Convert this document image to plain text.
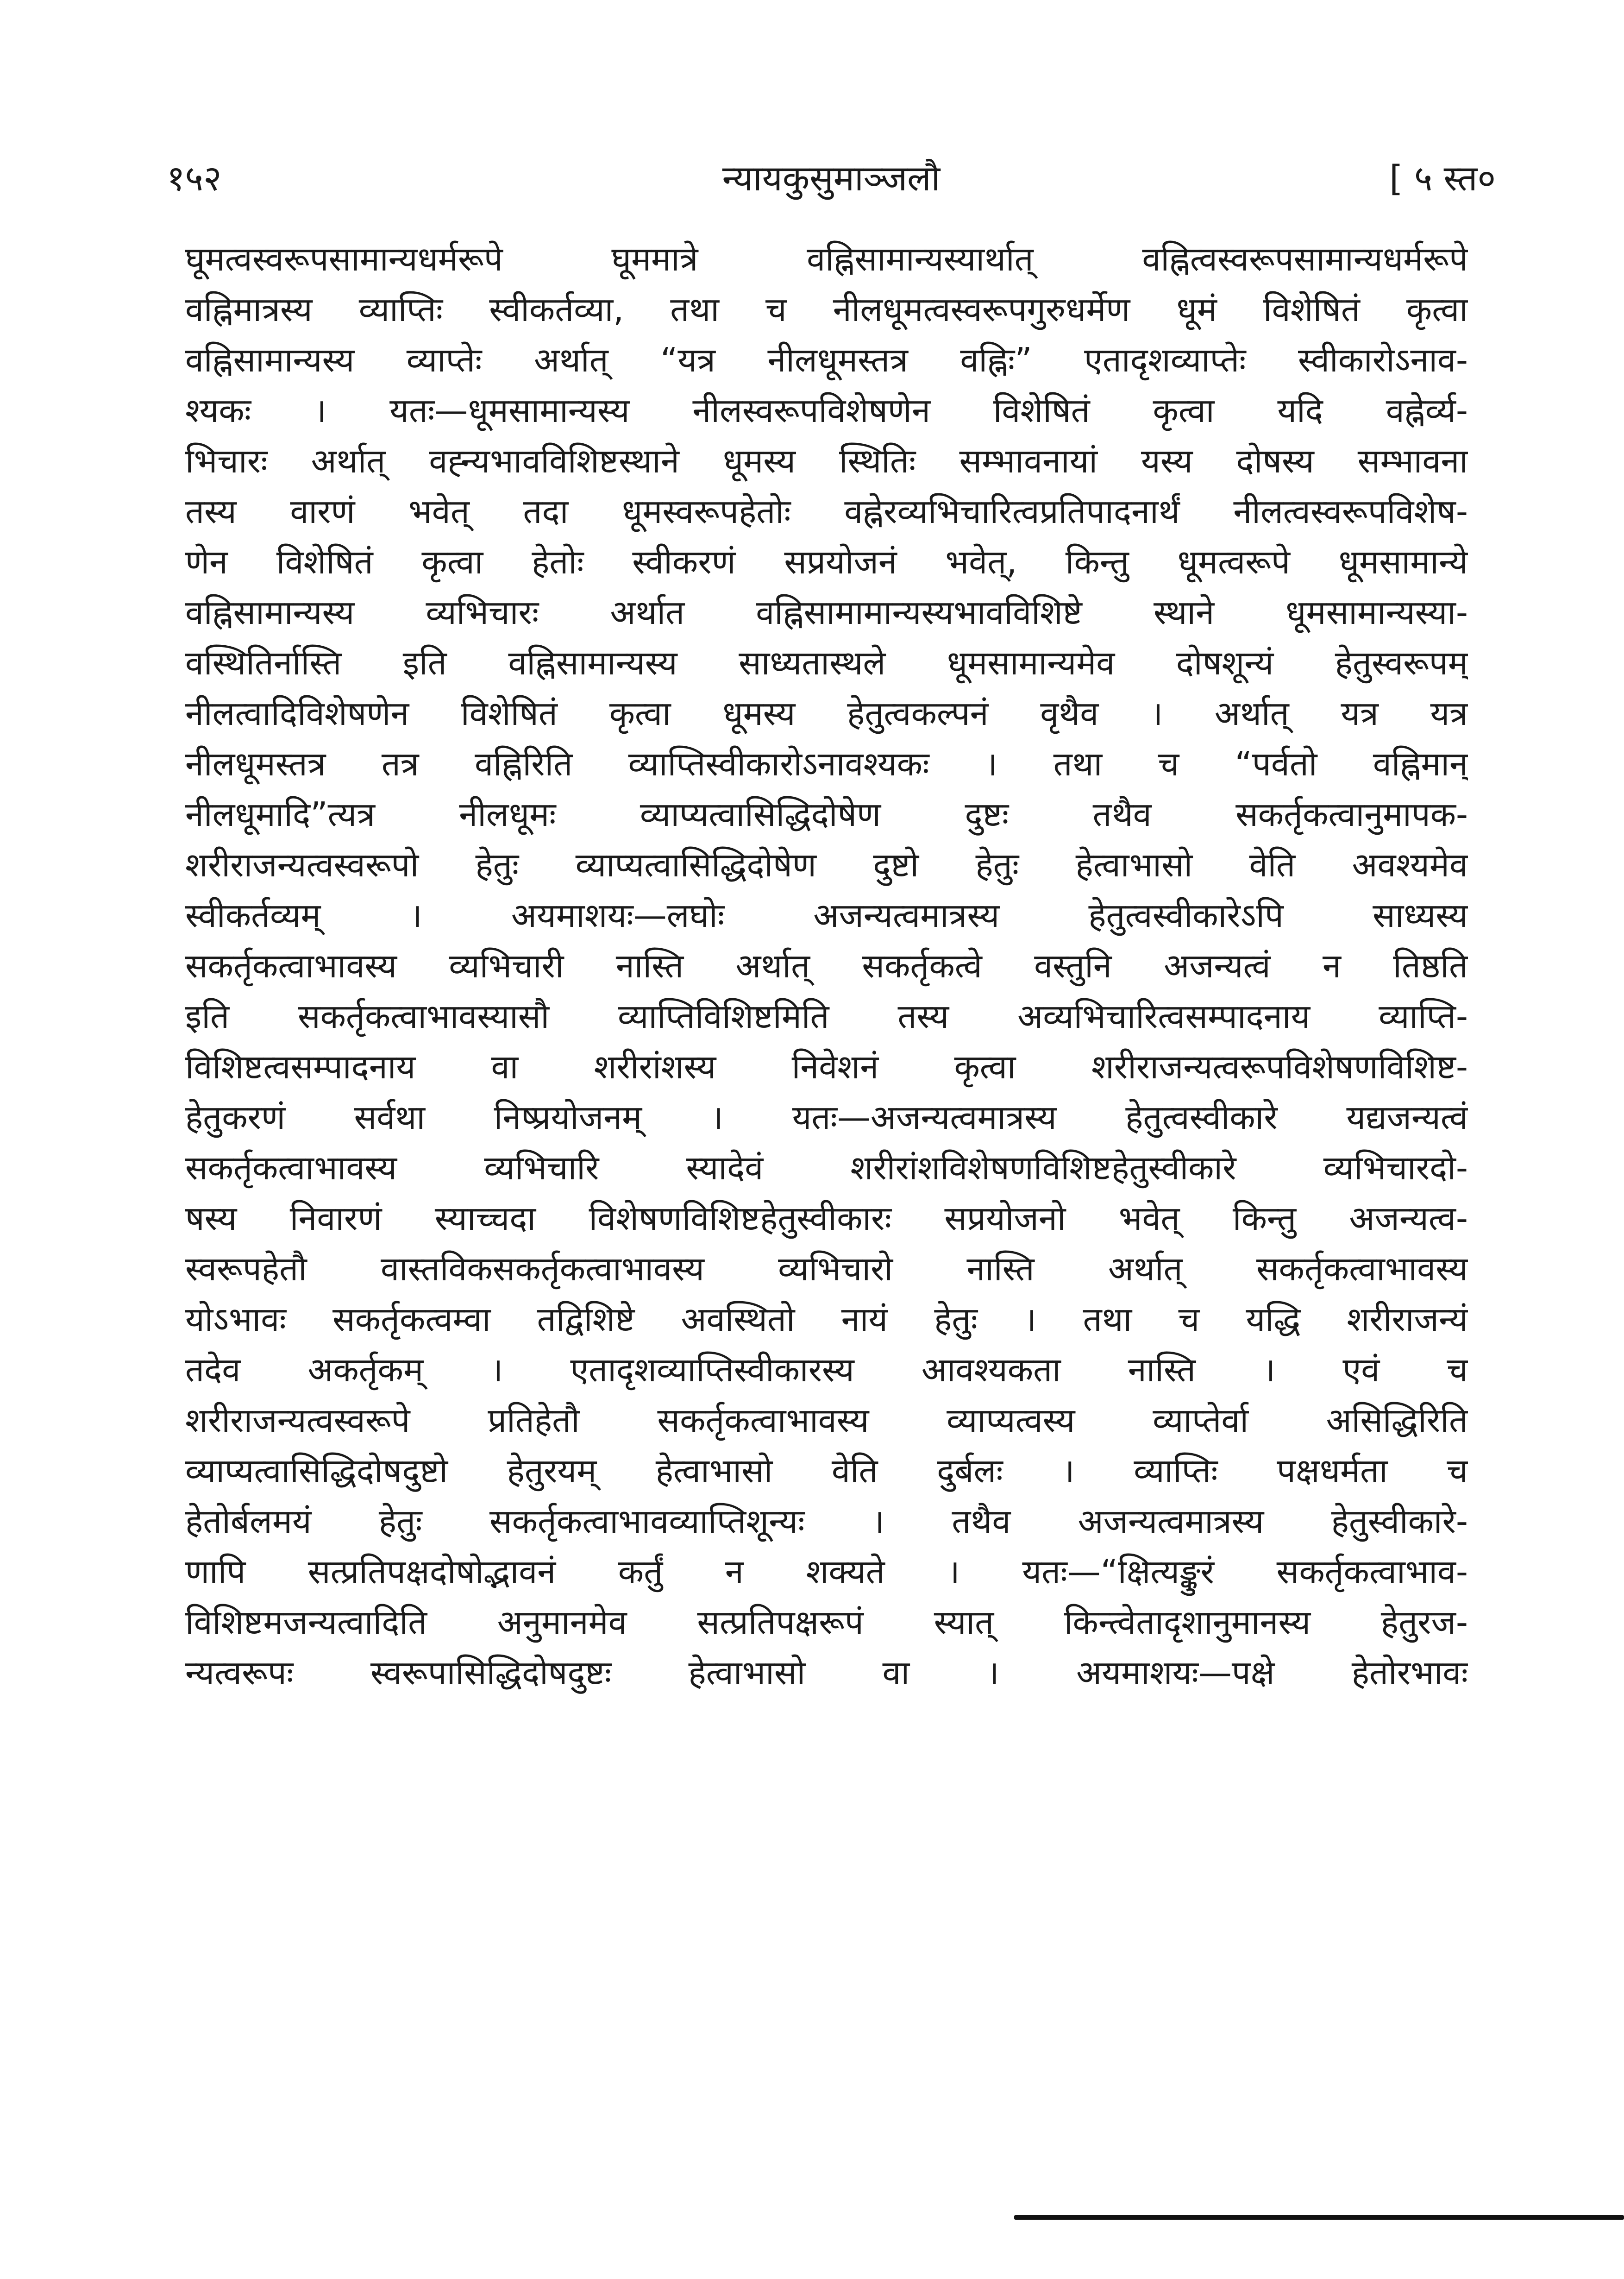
१५२	न्यायकुसुमाञ्जलौ	[ ५ स्त०
घूमत्वस्वरूपसामान्यधर्मरूपे घूममात्रे वह्निसामान्यस्यार्थात् वह्नित्वस्वरूपसामान्यधर्मरूपे
वह्निमात्रस्य व्याप्तिः स्वीकर्तव्या, तथा च नीलधूमत्वस्वरूपगुरुधर्मेण धूमं विशेषितं कृत्वा
वह्निसामान्यस्य व्याप्तेः अर्थात् “यत्र नीलधूमस्तत्र वह्निः” एतादृशव्याप्तेः स्वीकारोऽनाव-
श्यकः । यतः—धूमसामान्यस्य नीलस्वरूपविशेषणेन विशेषितं कृत्वा यदि वह्नेर्व्य-
भिचारः अर्थात् वह्न्यभावविशिष्टस्थाने धूमस्य स्थितिः सम्भावनायां यस्य दोषस्य सम्भावना
तस्य वारणं भवेत् तदा धूमस्वरूपहेतोः वह्नेरव्यभिचारित्वप्रतिपादनार्थं नीलत्वस्वरूपविशेष-
णेन विशेषितं कृत्वा हेतोः स्वीकरणं सप्रयोजनं भवेत्, किन्तु धूमत्वरूपे धूमसामान्ये
वह्निसामान्यस्य व्यभिचारः अर्थात वह्निसामामान्यस्यभावविशिष्टे स्थाने धूमसामान्यस्या-
वस्थितिर्नास्ति इति वह्निसामान्यस्य साध्यतास्थले धूमसामान्यमेव दोषशून्यं हेतुस्वरूपम्
नीलत्वादिविशेषणेन विशेषितं कृत्वा धूमस्य हेतुत्वकल्पनं वृथैव । अर्थात् यत्र यत्र
नीलधूमस्तत्र तत्र वह्निरिति व्याप्तिस्वीकारोऽनावश्यकः । तथा च “पर्वतो वह्निमान्
नीलधूमादि”त्यत्र नीलधूमः व्याप्यत्वासिद्धिदोषेण दुष्टः तथैव सकर्तृकत्वानुमापक-
शरीराजन्यत्वस्वरूपो हेतुः व्याप्यत्वासिद्धिदोषेण दुष्टो हेतुः हेत्वाभासो वेति अवश्यमेव
स्वीकर्तव्यम् । अयमाशयः—लघोः अजन्यत्वमात्रस्य हेतुत्वस्वीकारेऽपि साध्यस्य
सकर्तृकत्वाभावस्य व्यभिचारी नास्ति अर्थात् सकर्तृकत्वे वस्तुनि अजन्यत्वं न तिष्ठति
इति सकर्तृकत्वाभावस्यासौ व्याप्तिविशिष्टमिति तस्य अव्यभिचारित्वसम्पादनाय व्याप्ति-
विशिष्टत्वसम्पादनाय वा शरीरांशस्य निवेशनं कृत्वा शरीराजन्यत्वरूपविशेषणविशिष्ट-
हेतुकरणं सर्वथा निष्प्रयोजनम् । यतः—अजन्यत्वमात्रस्य हेतुत्वस्वीकारे यद्यजन्यत्वं
सकर्तृकत्वाभावस्य व्यभिचारि स्यादेवं शरीरांशविशेषणविशिष्टहेतुस्वीकारे व्यभिचारदो-
षस्य निवारणं स्याच्चदा विशेषणविशिष्टहेतुस्वीकारः सप्रयोजनो भवेत् किन्तु अजन्यत्व-
स्वरूपहेतौ वास्तविकसकर्तृकत्वाभावस्य व्यभिचारो नास्ति अर्थात् सकर्तृकत्वाभावस्य
योऽभावः सकर्तृकत्वम्वा तद्विशिष्टे अवस्थितो नायं हेतुः । तथा च यद्धि शरीराजन्यं
तदेव अकर्तृकम् । एतादृशव्याप्तिस्वीकारस्य आवश्यकता नास्ति । एवं च
शरीराजन्यत्वस्वरूपे प्रतिहेतौ सकर्तृकत्वाभावस्य व्याप्यत्वस्य व्याप्तेर्वा असिद्धिरिति
व्याप्यत्वासिद्धिदोषदुष्टो हेतुरयम् हेत्वाभासो वेति दुर्बलः । व्याप्तिः पक्षधर्मता च
हेतोर्बलमयं हेतुः सकर्तृकत्वाभावव्याप्तिशून्यः । तथैव अजन्यत्वमात्रस्य हेतुस्वीकारे-
णापि सत्प्रतिपक्षदोषोद्भावनं कर्तुं न शक्यते । यतः—“क्षित्यङ्कुरं सकर्तृकत्वाभाव-
विशिष्टमजन्यत्वादिति अनुमानमेव सत्प्रतिपक्षरूपं स्यात् किन्त्वेतादृशानुमानस्य हेतुरज-
न्यत्वरूपः स्वरूपासिद्धिदोषदुष्टः हेत्वाभासो वा । अयमाशयः—पक्षे हेतोरभावः
